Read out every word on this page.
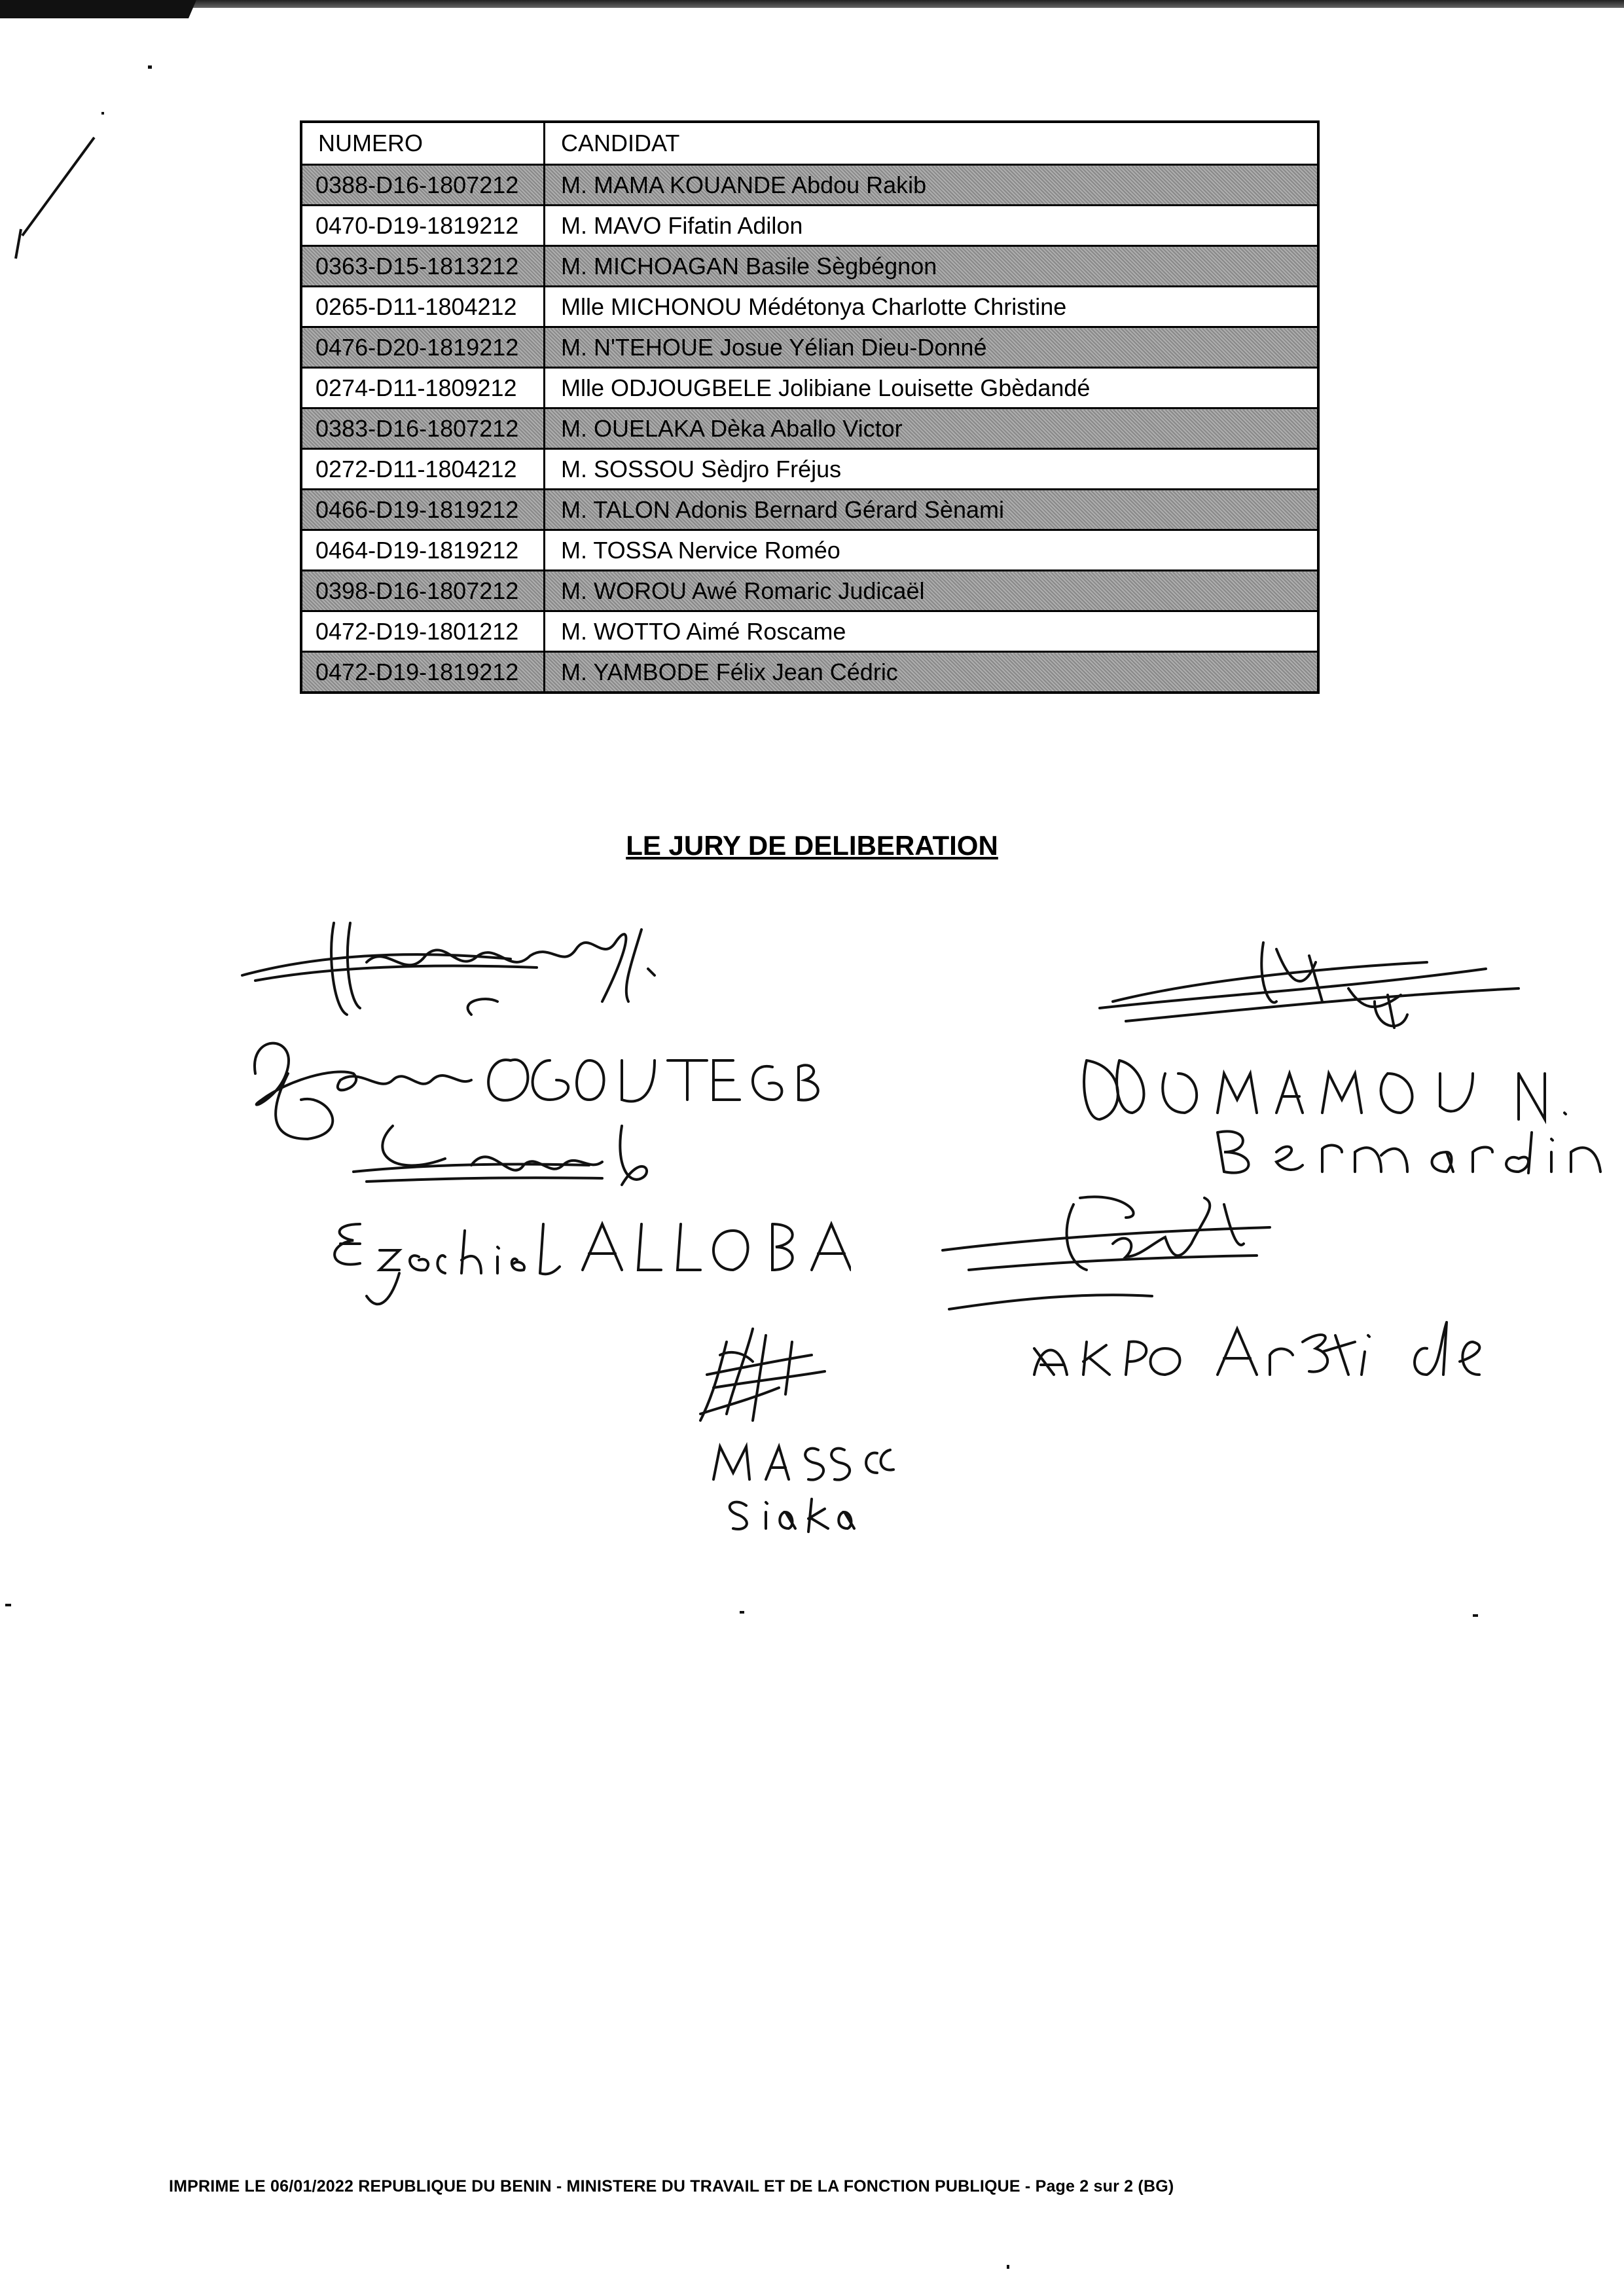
NUMERO	CANDIDAT
0388-D16-1807212	M. MAMA KOUANDE Abdou Rakib
0470-D19-1819212	M. MAVO Fifatin Adilon
0363-D15-1813212	M. MICHOAGAN Basile Sègbégnon
0265-D11-1804212	Mlle MICHONOU Médétonya Charlotte Christine
0476-D20-1819212	M. N'TEHOUE Josue Yélian Dieu-Donné
0274-D11-1809212	Mlle ODJOUGBELE Jolibiane Louisette Gbèdandé
0383-D16-1807212	M. OUELAKA Dèka Aballo Victor
0272-D11-1804212	M. SOSSOU Sèdjro Fréjus
0466-D19-1819212	M. TALON Adonis Bernard Gérard Sènami
0464-D19-1819212	M. TOSSA Nervice Roméo
0398-D16-1807212	M. WOROU Awé Romaric Judicaël
0472-D19-1801212	M. WOTTO Aimé Roscame
0472-D19-1819212	M. YAMBODE Félix Jean Cédric
LE JURY DE DELIBERATION
IMPRIME LE 06/01/2022 REPUBLIQUE DU BENIN - MINISTERE DU TRAVAIL ET DE LA FONCTION PUBLIQUE - Page 2 sur 2 (BG)
